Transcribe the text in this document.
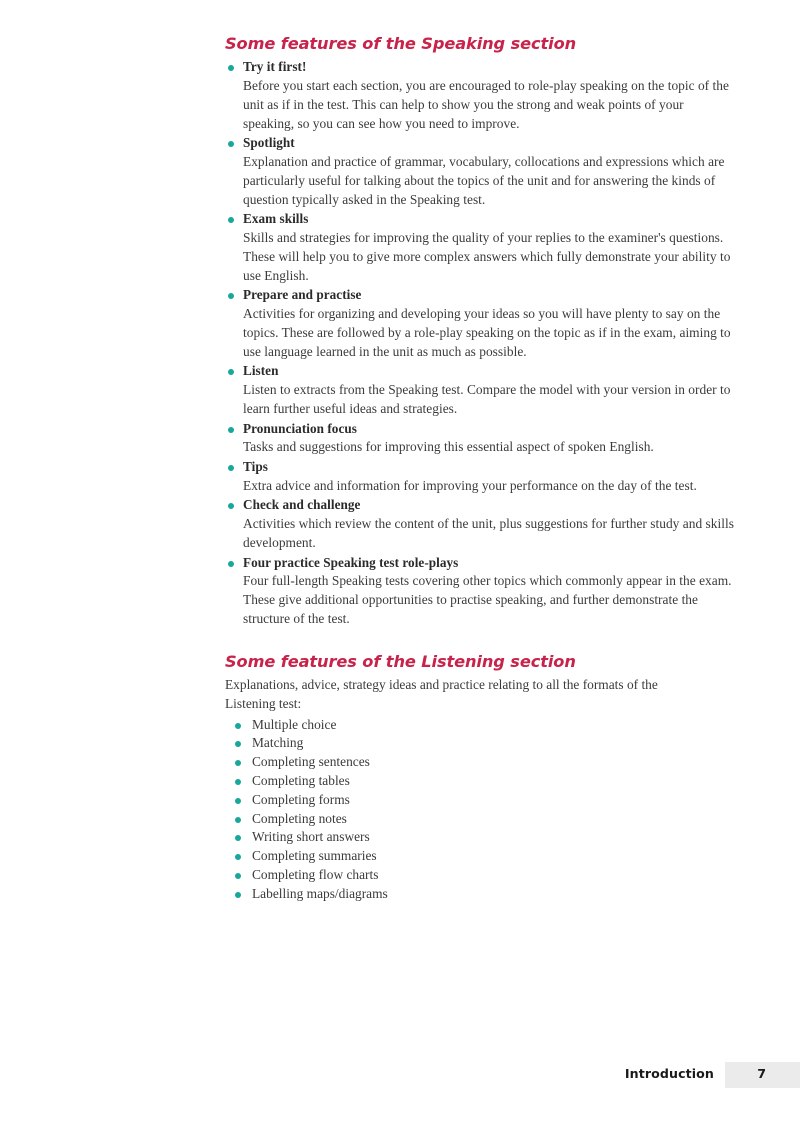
Some features of the Speaking section
Try it first!
Before you start each section, you are encouraged to role-play speaking on the topic of the unit as if in the test. This can help to show you the strong and weak points of your speaking, so you can see how you need to improve.
Spotlight
Explanation and practice of grammar, vocabulary, collocations and expressions which are particularly useful for talking about the topics of the unit and for answering the kinds of question typically asked in the Speaking test.
Exam skills
Skills and strategies for improving the quality of your replies to the examiner's questions. These will help you to give more complex answers which fully demonstrate your ability to use English.
Prepare and practise
Activities for organizing and developing your ideas so you will have plenty to say on the topics. These are followed by a role-play speaking on the topic as if in the exam, aiming to use language learned in the unit as much as possible.
Listen
Listen to extracts from the Speaking test. Compare the model with your version in order to learn further useful ideas and strategies.
Pronunciation focus
Tasks and suggestions for improving this essential aspect of spoken English.
Tips
Extra advice and information for improving your performance on the day of the test.
Check and challenge
Activities which review the content of the unit, plus suggestions for further study and skills development.
Four practice Speaking test role-plays
Four full-length Speaking tests covering other topics which commonly appear in the exam. These give additional opportunities to practise speaking, and further demonstrate the structure of the test.
Some features of the Listening section

Explanations, advice, strategy ideas and practice relating to all the formats of the Listening test:

Multiple choice
Matching
Completing sentences
Completing tables
Completing forms
Completing notes
Writing short answers
Completing summaries
Completing flow charts
Labelling maps/diagrams
Introduction	7
